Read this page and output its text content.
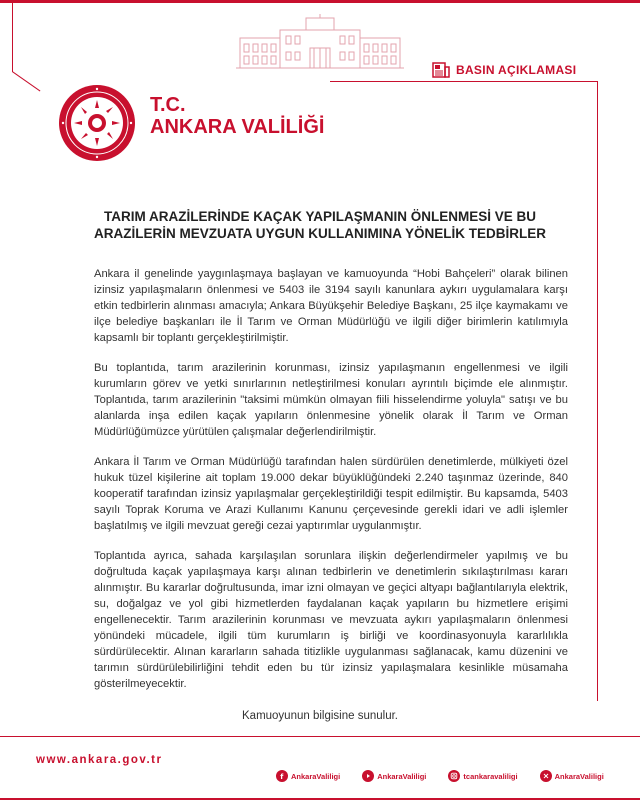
BASIN AÇIKLAMASI
T.C.
ANKARA VALİLİĞİ
TARIM ARAZİLERİNDE KAÇAK YAPILAŞMANIN ÖNLENMESİ VE BU
ARAZİLERİN MEVZUATA UYGUN KULLANIMINA YÖNELİK TEDBİRLER

Ankara il genelinde yaygınlaşmaya başlayan ve kamuoyunda “Hobi Bahçeleri” olarak bilinen izinsiz yapılaşmaların önlenmesi ve 5403 ile 3194 sayılı kanunlara aykırı uygulamalara karşı etkin tedbirlerin alınması amacıyla; Ankara Büyükşehir Belediye Başkanı, 25 ilçe kaymakamı ve ilçe belediye başkanları ile İl Tarım ve Orman Müdürlüğü ve ilgili diğer birimlerin katılımıyla kapsamlı bir toplantı gerçekleştirilmiştir.

Bu toplantıda, tarım arazilerinin korunması, izinsiz yapılaşmanın engellenmesi ve ilgili kurumların görev ve yetki sınırlarının netleştirilmesi konuları ayrıntılı biçimde ele alınmıştır. Toplantıda, tarım arazilerinin "taksimi mümkün olmayan fiili hisselendirme yoluyla" satışı ve bu alanlarda inşa edilen kaçak yapıların önlenmesine yönelik olarak İl Tarım ve Orman Müdürlüğümüzce yürütülen çalışmalar değerlendirilmiştir.

Ankara İl Tarım ve Orman Müdürlüğü tarafından halen sürdürülen denetimlerde, mülkiyeti özel hukuk tüzel kişilerine ait toplam 19.000 dekar büyüklüğündeki 2.240 taşınmaz üzerinde, 840 kooperatif tarafından izinsiz yapılaşmalar gerçekleştirildiği tespit edilmiştir. Bu kapsamda, 5403 sayılı Toprak Koruma ve Arazi Kullanımı Kanunu çerçevesinde gerekli idari ve adli işlemler başlatılmış ve ilgili mevzuat gereği cezai yaptırımlar uygulanmıştır.

Toplantıda ayrıca, sahada karşılaşılan sorunlara ilişkin değerlendirmeler yapılmış ve bu doğrultuda kaçak yapılaşmaya karşı alınan tedbirlerin ve denetimlerin sıkılaştırılması kararı alınmıştır. Bu kararlar doğrultusunda, imar izni olmayan ve geçici altyapı bağlantılarıyla elektrik, su, doğalgaz ve yol gibi hizmetlerden faydalanan kaçak yapıların bu hizmetlere erişimi engellenecektir. Tarım arazilerinin korunması ve mevzuata aykırı yapılaşmaların önlenmesi yönündeki mücadele, ilgili tüm kurumların iş birliği ve koordinasyonuyla kararlılıkla sürdürülecektir. Alınan kararların sahada titizlikle uygulanması sağlanacak, kamu düzenini ve tarımın sürdürülebilirliğini tehdit eden bu tür izinsiz yapılaşmalara kesinlikle müsamaha gösterilmeyecektir.

Kamuoyunun bilgisine sunulur.
www.ankara.gov.tr
f AnkaraValiligi	AnkaraValiligi	tcankaravaliligi	AnkaraValiligi
